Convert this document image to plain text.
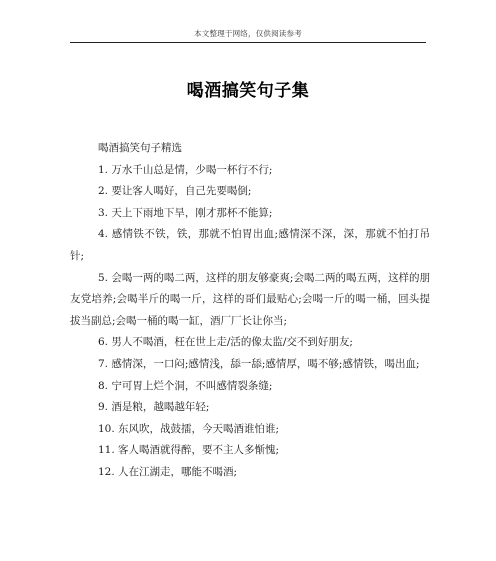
本文整理于网络，仅供阅读参考
喝酒搞笑句子集

喝酒搞笑句子精选

1. 万水千山总是情，少喝一杯行不行;

2. 要让客人喝好，自己先要喝倒;

3. 天上下雨地下旱，刚才那杯不能算;

4. 感情铁不铁，铁，那就不怕胃出血;感情深不深，深，那就不怕打吊针;

5. 会喝一两的喝二两，这样的朋友够豪爽;会喝二两的喝五两，这样的朋友党培养;会喝半斤的喝一斤，这样的哥们最贴心;会喝一斤的喝一桶，回头提拔当副总;会喝一桶的喝一缸，酒厂厂长让你当;

6. 男人不喝酒，枉在世上走/活的像太监/交不到好朋友;

7. 感情深，一口闷;感情浅，舔一舔;感情厚，喝不够;感情铁，喝出血;

8. 宁可胃上烂个洞，不叫感情裂条缝;

9. 酒是粮，越喝越年轻;

10. 东风吹，战鼓擂，今天喝酒谁怕谁;

11. 客人喝酒就得醉，要不主人多惭愧;

12. 人在江湖走，哪能不喝酒;
